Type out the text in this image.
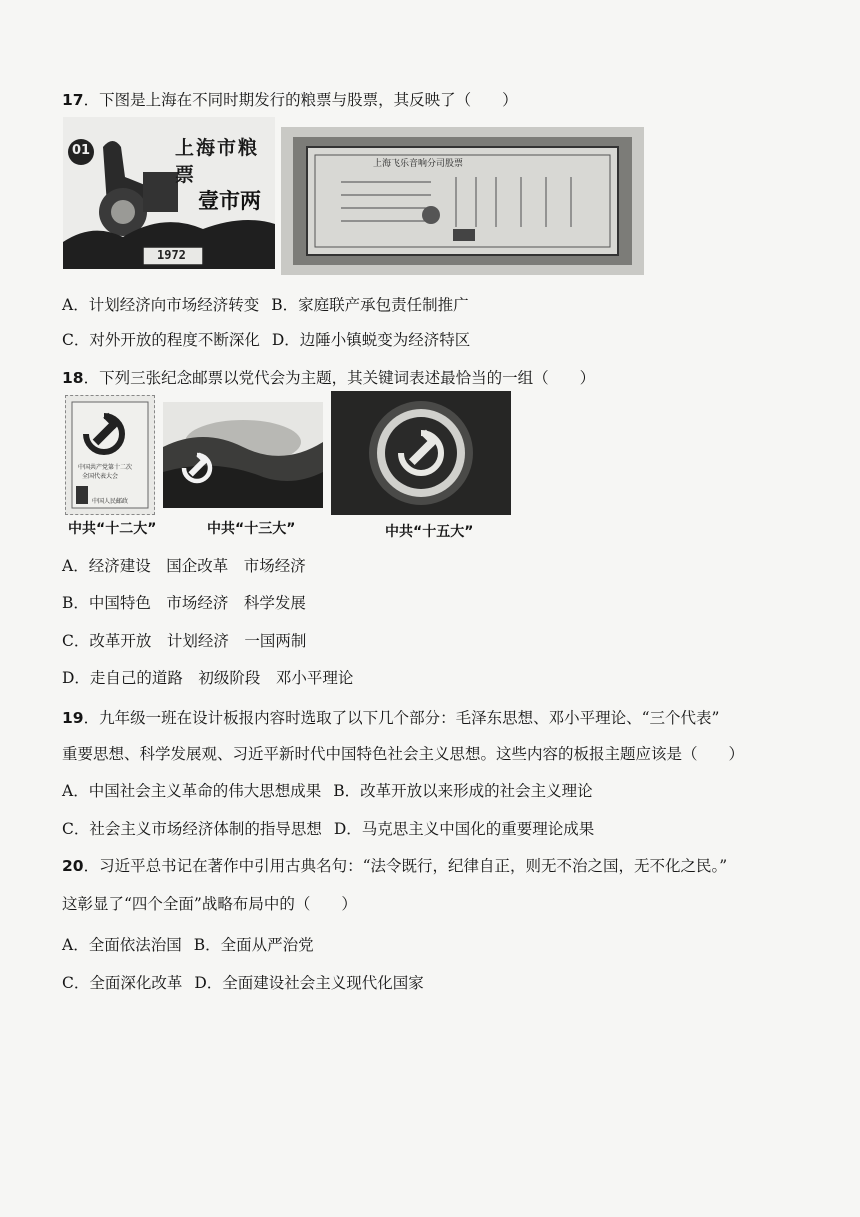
17．下图是上海在不同时期发行的粮票与股票，其反映了（　　）
01	上海市粮票
壹市两
1972
上海飞乐音响分司股票
A．计划经济向市场经济转变 B．家庭联产承包责任制推广
C．对外开放的程度不断深化 D．边陲小镇蜕变为经济特区
18．下列三张纪念邮票以党代会为主题，其关键词表述最恰当的一组（　　）
中国共产党第十二次
全国代表大会
中国人民邮政
中共“十二大”	中共“十三大”	中共“十五大”
A．经济建设　国企改革　市场经济
B．中国特色　市场经济　科学发展
C．改革开放　计划经济　一国两制
D．走自己的道路　初级阶段　邓小平理论
19．九年级一班在设计板报内容时选取了以下几个部分：毛泽东思想、邓小平理论、“三个代表”
重要思想、科学发展观、习近平新时代中国特色社会主义思想。这些内容的板报主题应该是（　　）
A．中国社会主义革命的伟大思想成果 B．改革开放以来形成的社会主义理论
C．社会主义市场经济体制的指导思想 D．马克思主义中国化的重要理论成果
20．习近平总书记在著作中引用古典名句：“法令既行，纪律自正，则无不治之国，无不化之民。”
这彰显了“四个全面”战略布局中的（　　）
A．全面依法治国 B．全面从严治党
C．全面深化改革 D．全面建设社会主义现代化国家
